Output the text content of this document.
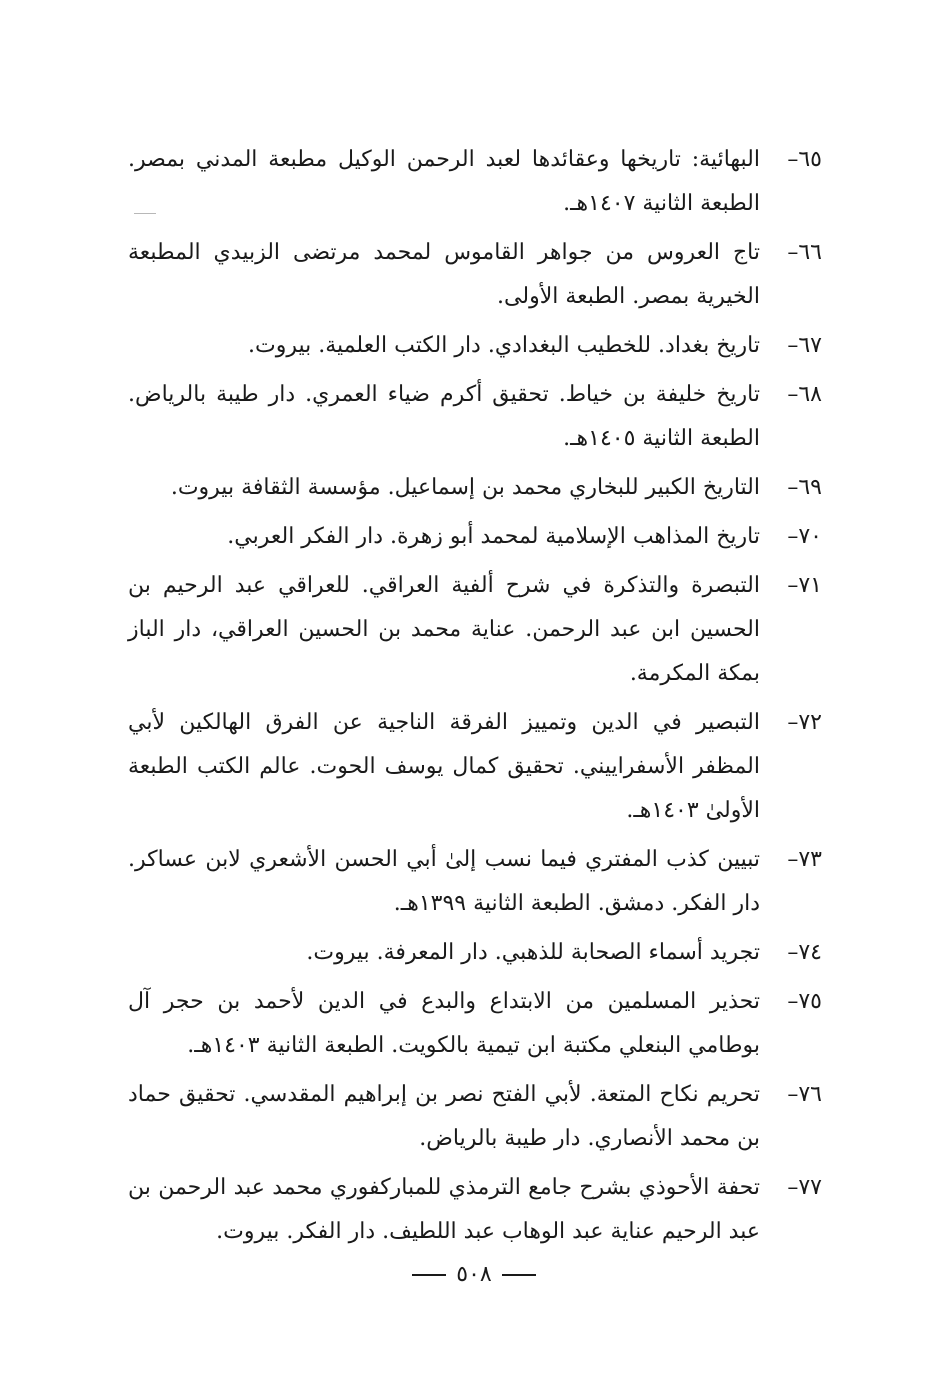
٦٥–
البهائية: تاريخها وعقائدها لعبد الرحمن الوكيل مطبعة المدني بمصر. الطبعة الثانية ١٤٠٧هـ.
٦٦–
تاج العروس من جواهر القاموس لمحمد مرتضى الزبيدي المطبعة الخيرية بمصر. الطبعة الأولى.
٦٧–
تاريخ بغداد. للخطيب البغدادي. دار الكتب العلمية. بيروت.
٦٨–
تاريخ خليفة بن خياط. تحقيق أكرم ضياء العمري. دار طيبة بالرياض. الطبعة الثانية ١٤٠٥هـ.
٦٩–
التاريخ الكبير للبخاري محمد بن إسماعيل. مؤسسة الثقافة بيروت.
٧٠–
تاريخ المذاهب الإسلامية لمحمد أبو زهرة. دار الفكر العربي.
٧١–
التبصرة والتذكرة في شرح ألفية العراقي. للعراقي عبد الرحيم بن الحسين ابن عبد الرحمن. عناية محمد بن الحسين العراقي، دار الباز بمكة المكرمة.
٧٢–
التبصير في الدين وتمييز الفرقة الناجية عن الفرق الهالكين لأبي المظفر الأسفراييني. تحقيق كمال يوسف الحوت. عالم الكتب الطبعة الأولىٰ ١٤٠٣هـ.
٧٣–
تبيين كذب المفتري فيما نسب إلىٰ أبي الحسن الأشعري لابن عساكر. دار الفكر. دمشق. الطبعة الثانية ١٣٩٩هـ.
٧٤–
تجريد أسماء الصحابة للذهبي. دار المعرفة. بيروت.
٧٥–
تحذير المسلمين من الابتداع والبدع في الدين لأحمد بن حجر آل بوطامي البنعلي مكتبة ابن تيمية بالكويت. الطبعة الثانية ١٤٠٣هـ.
٧٦–
تحريم نكاح المتعة. لأبي الفتح نصر بن إبراهيم المقدسي. تحقيق حماد بن محمد الأنصاري. دار طيبة بالرياض.
٧٧–
تحفة الأحوذي بشرح جامع الترمذي للمباركفوري محمد عبد الرحمن بن عبد الرحيم عناية عبد الوهاب عبد اللطيف. دار الفكر. بيروت.
٥٠٨
